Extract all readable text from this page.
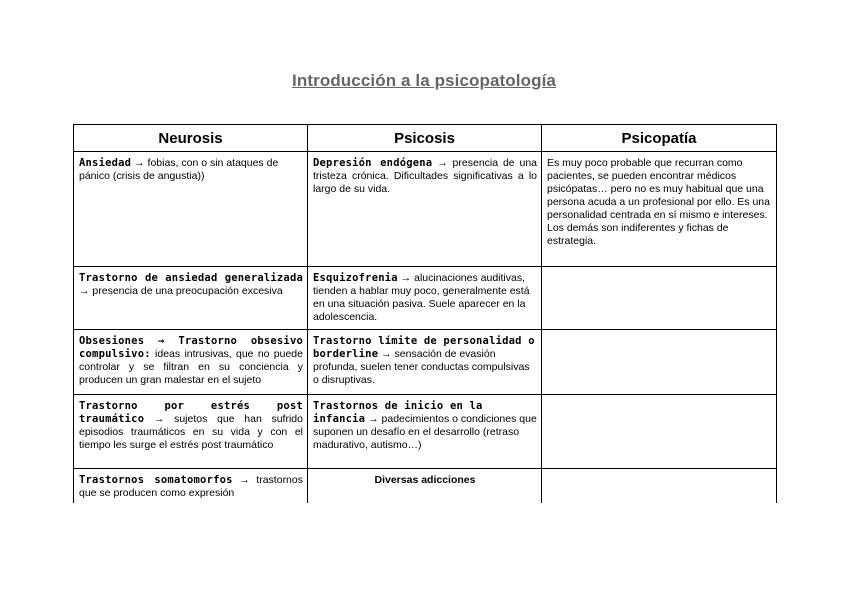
Introducción a la psicopatología
Neurosis	Psicosis	Psicopatía
Ansiedad → fobias, con o sin ataques de pánico (crisis de angustia))	Depresión endógena → presencia de una tristeza crónica. Dificultades significativas a lo largo de su vida.	Es muy poco probable que recurran como pacientes, se pueden encontrar médicos psicópatas… pero no es muy habitual que una persona acuda a un profesional por ello. Es una personalidad centrada en sí mismo e intereses. Los demás son indiferentes y fichas de estrategia.
Trastorno de ansiedad generalizada → presencia de una preocupación excesiva	Esquizofrenia → alucinaciones auditivas, tienden a hablar muy poco, generalmente está en una situación pasiva. Suele aparecer en la adolescencia.	
Obsesiones → Trastorno obsesivo compulsivo: ideas intrusivas, que no puede controlar y se filtran en su conciencia y producen un gran malestar en el sujeto	Trastorno límite de personalidad o borderline → sensación de evasión profunda, suelen tener conductas compulsivas o disruptivas.	
Trastorno por estrés post traumático → sujetos que han sufrido episodios traumáticos en su vida y con el tiempo les surge el estrés post traumático	Trastornos de inicio en la infancia → padecimientos o condiciones que suponen un desafío en el desarrollo (retraso madurativo, autismo…)	
Trastornos somatomorfos → trastornos que se producen como expresión	Diversas adicciones	
